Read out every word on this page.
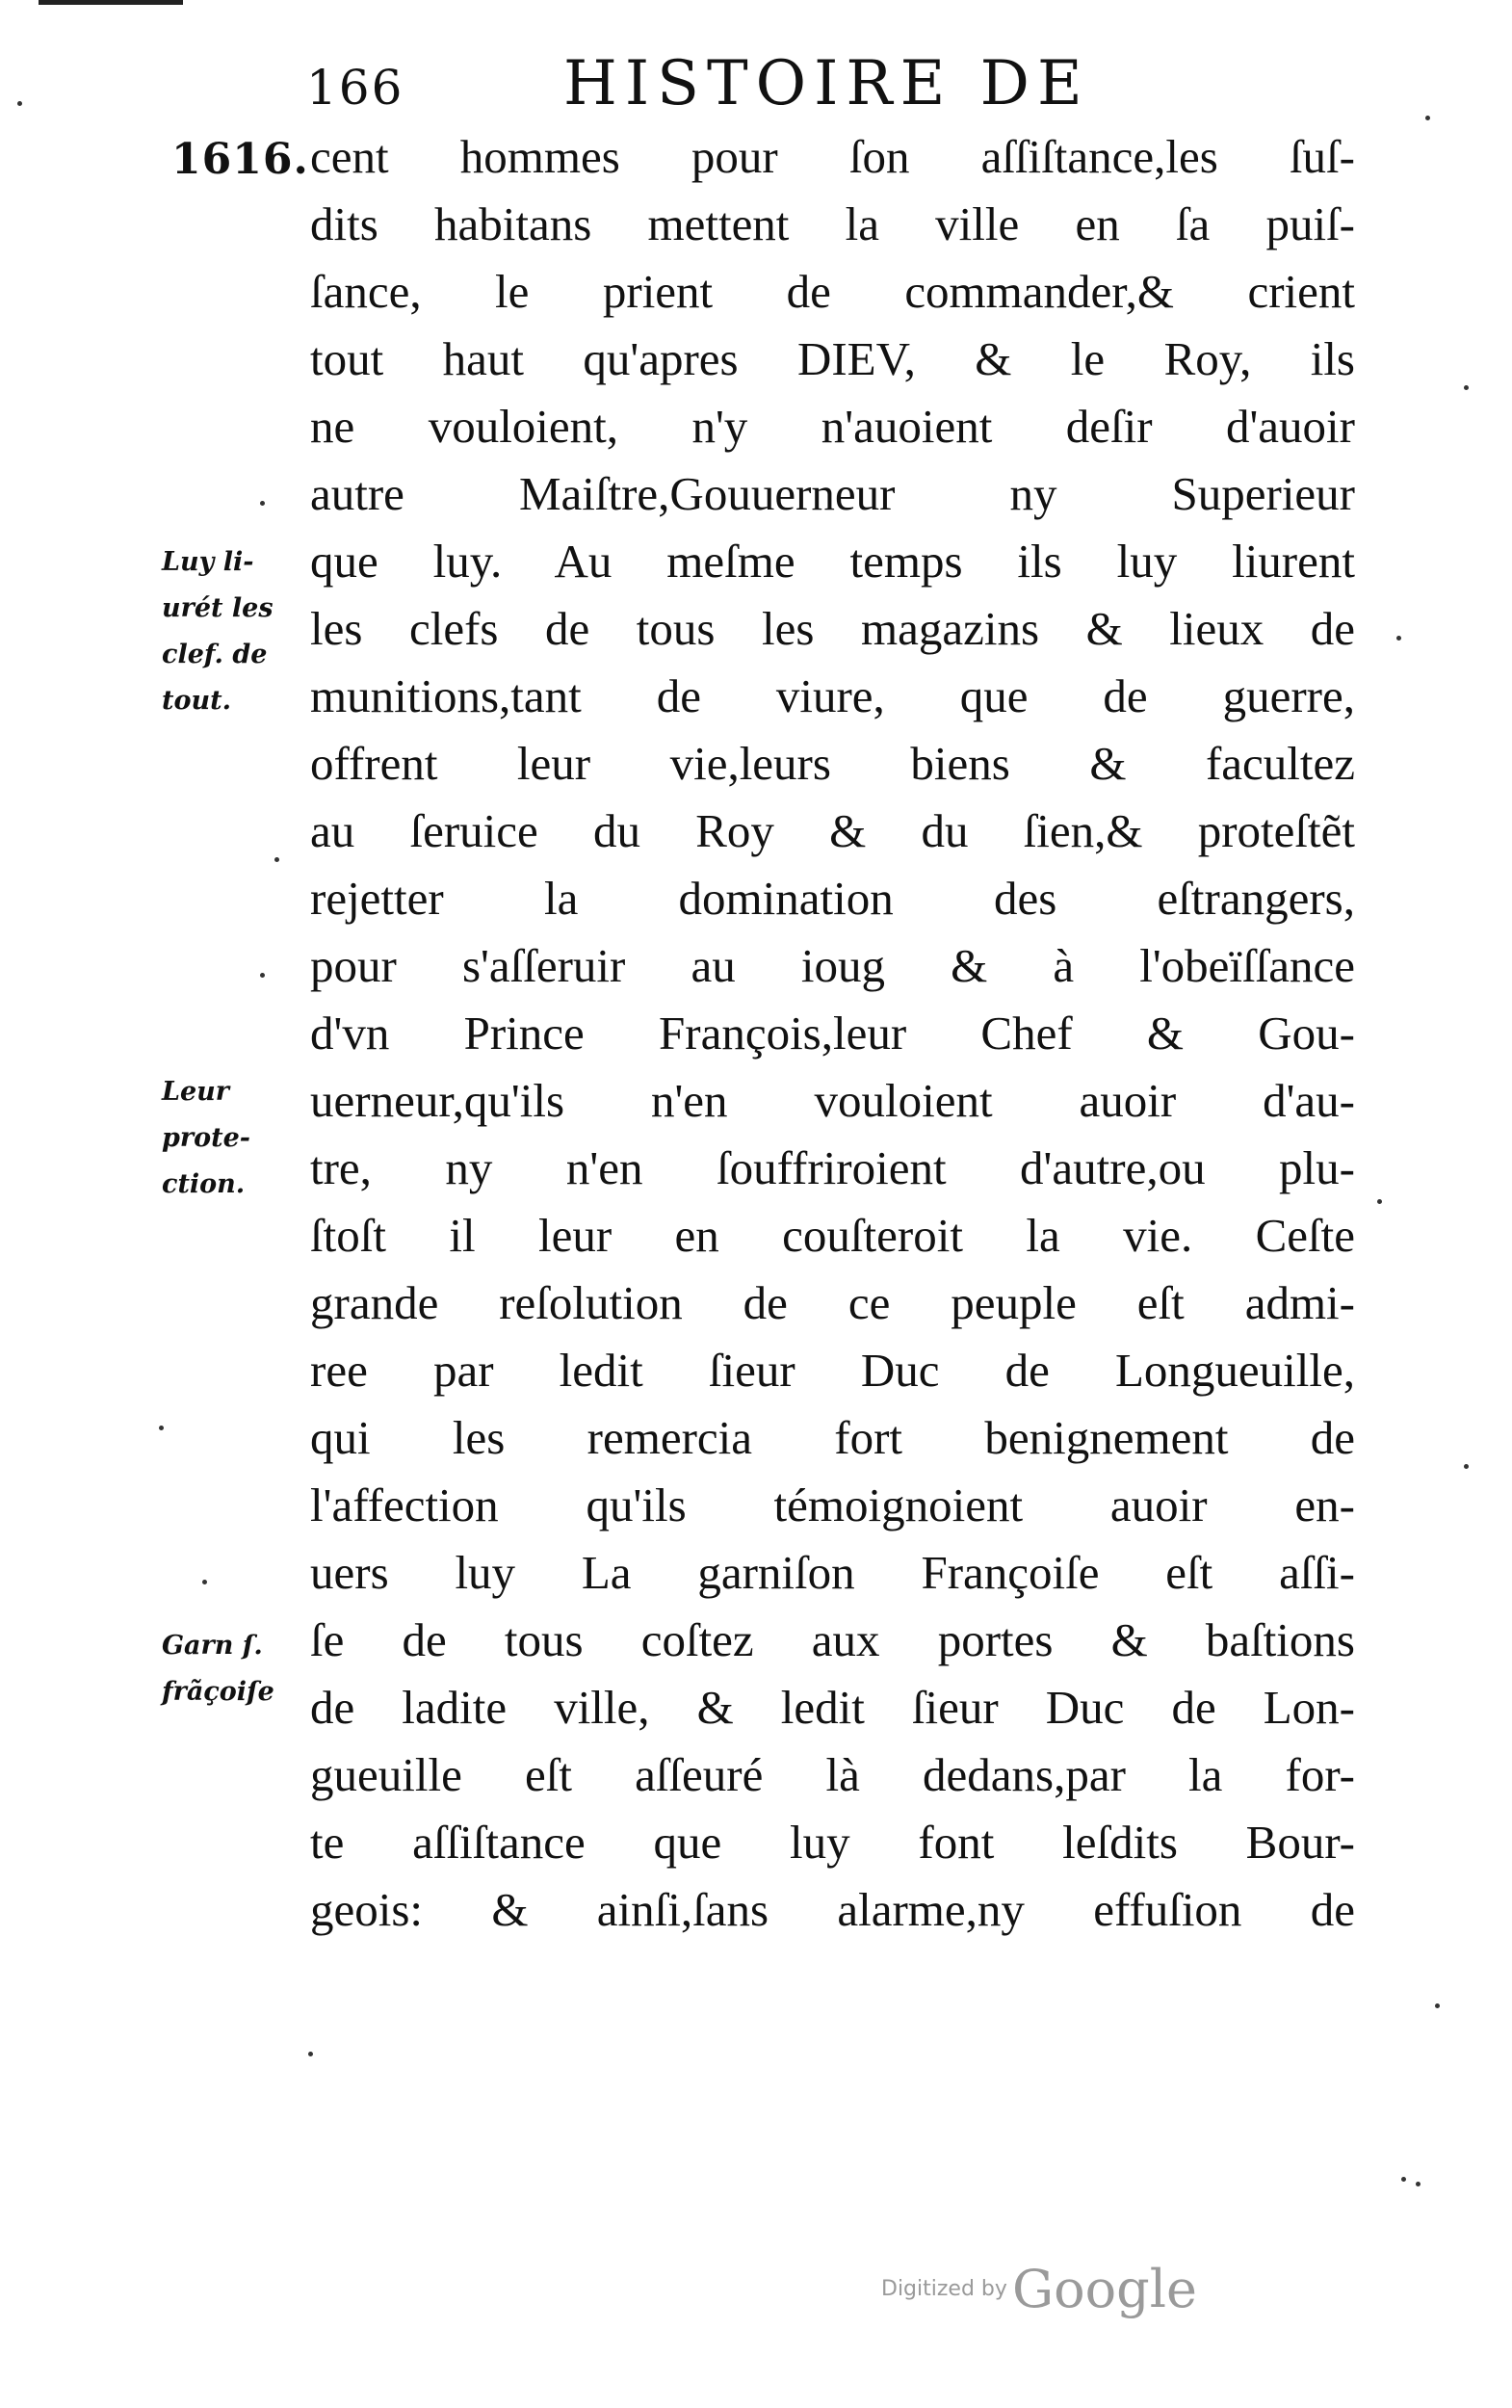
166	HISTOIRE DE
1616. cent hommes pour ſon aſſiſtance,les ſuſ-
dits habitans mettent la ville en ſa puiſ-
ſance, le prient de commander,& crient
tout haut qu'apres DIEV, & le Roy, ils
ne vouloient, n'y n'auoient deſir d'auoir
autre Maiſtre,Gouuerneur ny Superieur
que luy. Au meſme temps ils luy liurent
les clefs de tous les magazins & lieux de
munitions,tant de viure, que de guerre,
offrent leur vie,leurs biens & facultez
au ſeruice du Roy & du ſien,& proteſtẽt
rejetter la domination des eſtrangers,
pour s'aſſeruir au ioug & à l'obeïſſance
d'vn Prince François,leur Chef & Gou-
uerneur,qu'ils n'en vouloient auoir d'au-
tre, ny n'en ſouffriroient d'autre,ou plu-
ſtoſt il leur en couſteroit la vie. Ceſte
grande reſolution de ce peuple eſt admi-
ree par ledit ſieur Duc de Longueuille,
qui les remercia fort benignement de
l'affection qu'ils témoignoient auoir en-
uers luy La garniſon Françoiſe eſt aſſi-
ſe de tous coſtez aux portes & baſtions
de ladite ville, & ledit ſieur Duc de Lon-
gueuille eſt aſſeuré là dedans,par la for-
te aſſiſtance que luy font leſdits Bour-
geois: & ainſi,ſans alarme,ny effuſion de
Luy li-
urét les
clef. de
tout.
Leur
prote-
ction.
Garn ſ.
frãçoiſe
Digitized by Google
